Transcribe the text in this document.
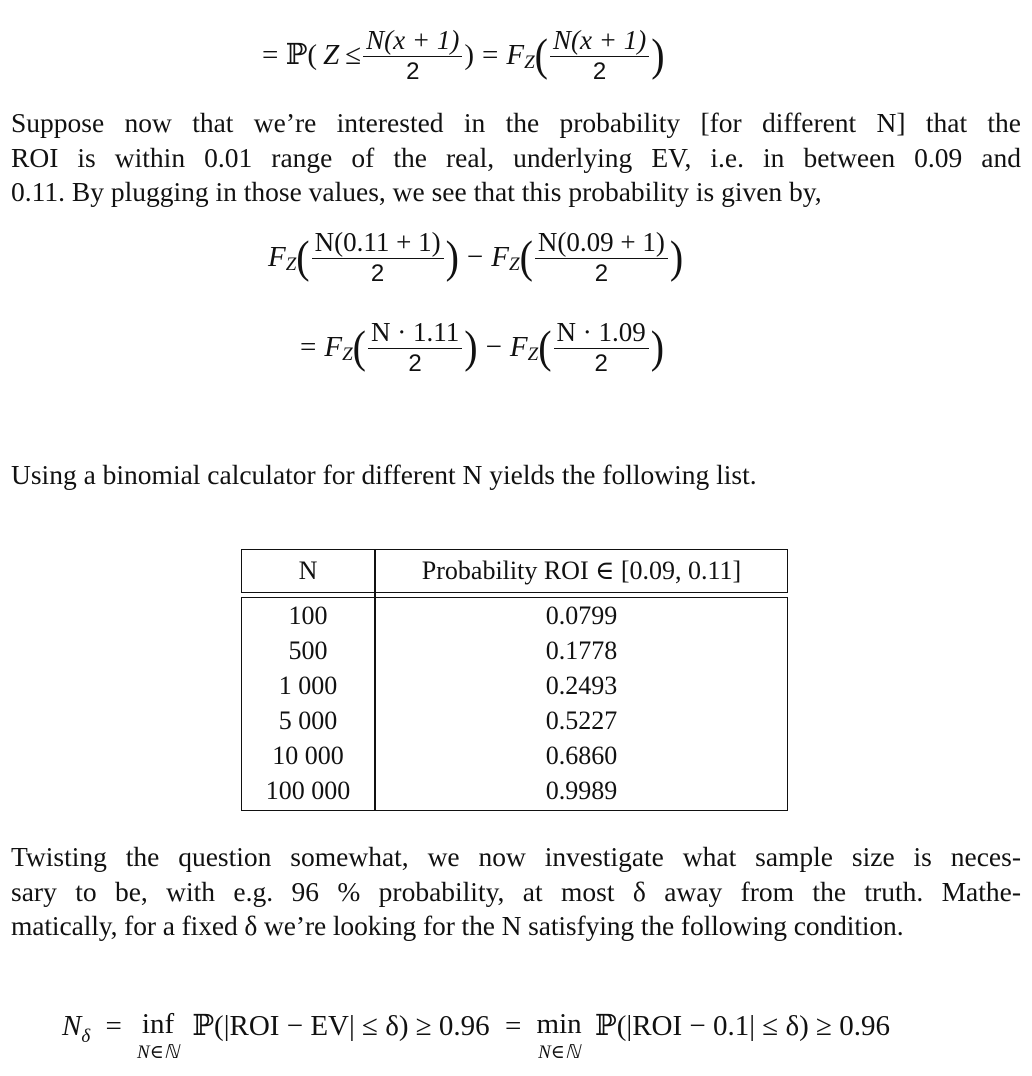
= ℙ( $Z \le \frac{N(x + 1)}{2}$ ) = F Z ( $\frac{N(x + 1)}{2}$ )
Suppose now that we’re interested in the probability [for different N] that the
ROI is within 0.01 range of the real, underlying EV, i.e. in between 0.09 and
0.11. By plugging in those values, we see that this probability is given by,
F Z ( $\frac{N(0.11 + 1)}{2}$ ) − F Z ( $\frac{N(0.09 + 1)}{2}$ )
= F Z ( $\frac{N \cdot 1.11}{2}$ ) − F Z ( $\frac{N \cdot 1.09}{2}$ )
Using a binomial calculator for different N yields the following list.
N	Probability ROI ∈ [0.09, 0.11]
100	0.0799
500	0.1778
1 000	0.2493
5 000	0.5227
10 000	0.6860
100 000	0.9989
Twisting the question somewhat, we now investigate what sample size is neces-
sary to be, with e.g. 96 % probability, at most δ away from the truth. Mathe-
matically, for a fixed δ we’re looking for the N satisfying the following condition.
$N_\delta$ = inf
N∈ℕ
ℙ(|ROI − EV| ≤ δ) ≥ 0.96 = min
N∈ℕ
ℙ(|ROI − 0.1| ≤ δ) ≥ 0.96
